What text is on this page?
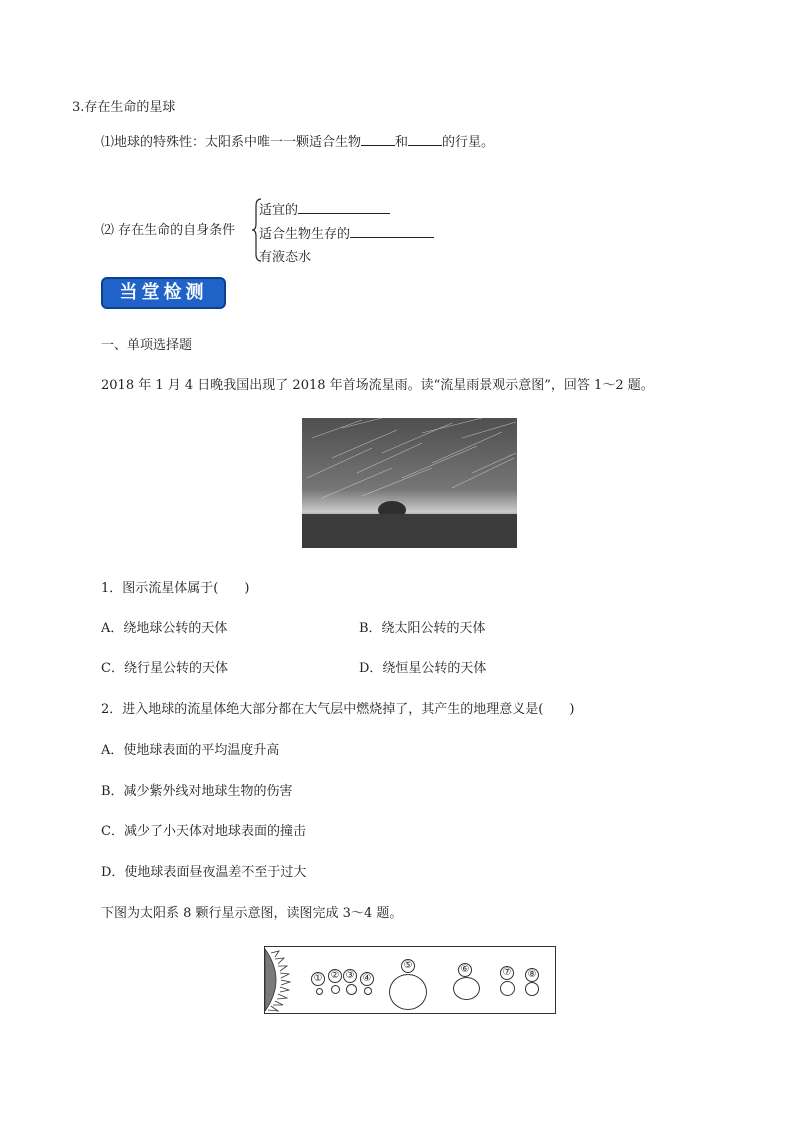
3.存在生命的星球
⑴地球的特殊性：太阳系中唯一一颗适合生物	和	的行星。
⑵ 存在生命的自身条件
适宜的
适合生物生存的
有液态水
当堂检测
一、单项选择题
2018 年 1 月 4 日晚我国出现了 2018 年首场流星雨。读“流星雨景观示意图”，回答 1～2 题。
1．图示流星体属于(　　)
A．绕地球公转的天体	B．绕太阳公转的天体
C．绕行星公转的天体	D．绕恒星公转的天体
2．进入地球的流星体绝大部分都在大气层中燃烧掉了，其产生的地理意义是(　　)
A．使地球表面的平均温度升高
B．减少紫外线对地球生物的伤害
C．减少了小天体对地球表面的撞击
D．使地球表面昼夜温差不至于过大
下图为太阳系 8 颗行星示意图，读图完成 3～4 题。
① ② ③ ④
⑤	⑥	⑦ ⑧
